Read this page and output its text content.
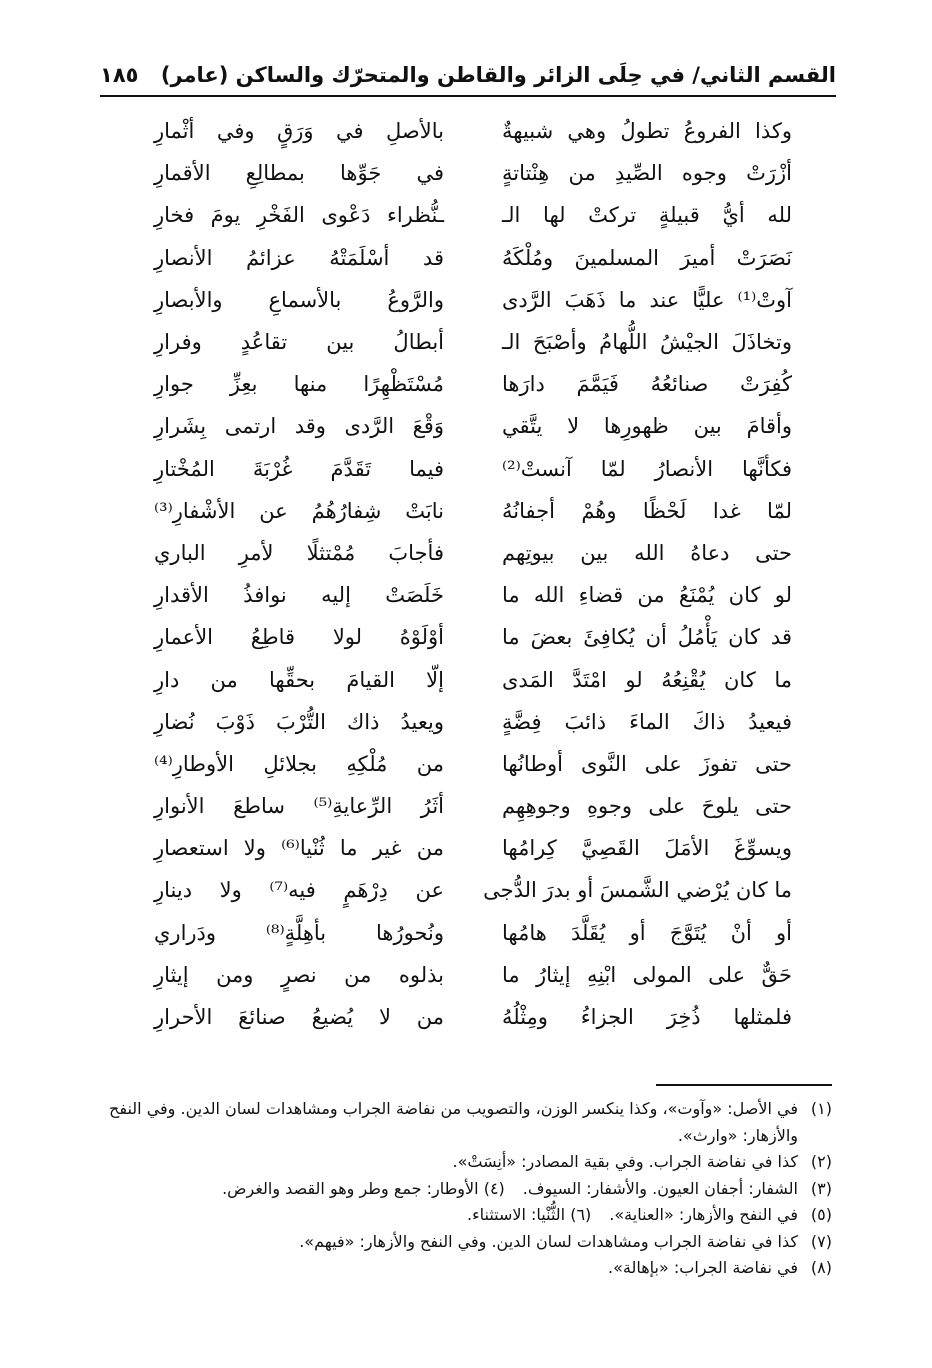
القسم الثاني/ في حِلَى الزائر والقاطن والمتحرّك والساكن (عامر)
١٨٥
وكذا الفروعُ تطولُ وهي شبيهةٌ
بالأصلِ في وَرَقٍ وفي أثْمارِ
أزْرَتْ وجوه الصِّيدِ من هِنْتاتةٍ
في جَوِّها بمطالِعِ الأقمارِ
لله أيُّ قبيلةٍ تركتْ لها الـ
ـنُّظراء دَعْوى الفَخْرِ يومَ فخارِ
نَصَرَتْ أميرَ المسلمينَ ومُلْكَهُ
قد أسْلَمَتْهُ عزائمُ الأنصارِ
آوتْ⁽¹⁾ عليًّا عند ما ذَهَبَ الرَّدى
والرَّوعُ بالأسماعِ والأبصارِ
وتخاذَلَ الجيْشُ اللُّهامُ وأصْبَحَ الـ
أبطالُ بين تقاعُدٍ وفرارِ
كُفِرَتْ صنائعُهُ فَيَمَّمَ دارَها
مُسْتَظْهِرًا منها بعِزِّ جوارِ
وأقامَ بين ظهورِها لا يتَّقي
وَقْعَ الرَّدى وقد ارتمى بِشَرارِ
فكأنَّها الأنصارُ لمّا آنستْ⁽²⁾
فيما تَقَدَّمَ غُرْبَةَ المُخْتارِ
لمّا غدا لَحْظًا وهُمْ أجفانُهُ
نابَتْ شِفارُهُمُ عن الأشْفارِ⁽³⁾
حتى دعاهُ الله بين بيوتِهم
فأجابَ مُمْتثلًا لأمرِ الباري
لو كان يُمْنَعُ من قضاءِ الله ما
خَلَصَتْ إليه نوافذُ الأقدارِ
قد كان يَأْمُلُ أن يُكافِئَ بعضَ ما
أوْلَوْهُ لولا قاطِعُ الأعمارِ
ما كان يُقْنِعُهُ لو امْتَدَّ المَدى
إلّا القيامَ بحقِّها من دارِ
فيعيدُ ذاكَ الماءَ ذائبَ فِضَّةٍ
ويعيدُ ذاك التُّرْبَ ذَوْبَ نُضارِ
حتى تفوزَ على النَّوى أوطانُها
من مُلْكِهِ بجلائلِ الأوطارِ⁽⁴⁾
حتى يلوحَ على وجوهِ وجوهِهِم
أثَرُ الرِّعايةِ⁽⁵⁾ ساطعَ الأنوارِ
ويسوِّغَ الأمَلَ القَصِيَّ كِرامُها
من غير ما ثُنْيا⁽⁶⁾ ولا استعصارِ
ما كان يُرْضي الشَّمسَ أو بدرَ الدُّجى
عن دِرْهَمٍ فيه⁽⁷⁾ ولا دينارِ
أو أنْ يُتَوَّجَ أو يُقَلَّدَ هامُها
ونُحورُها بأهِلَّةٍ⁽⁸⁾ ودَراري
حَقٌّ على المولى ابْنِهِ إيثارُ ما
بذلوه من نصرٍ ومن إيثارِ
فلمثلها ذُخِرَ الجزاءُ ومِثْلُهُ
من لا يُضيعُ صنائعَ الأحرارِ
(١)
في الأصل: «وآوت»، وكذا ينكسر الوزن، والتصويب من نفاضة الجراب ومشاهدات لسان الدين. وفي النفح والأزهار: «وارث».
(٢)
كذا في نفاضة الجراب. وفي بقية المصادر: «أنِسَتْ».
(٣)
الشفار: أجفان العيون. والأشفار: السيوف.(٤) الأوطار: جمع وطر وهو القصد والغرض.
(٥)
في النفح والأزهار: «العناية».(٦) الثُّنْيا: الاستثناء.
(٧)
كذا في نفاضة الجراب ومشاهدات لسان الدين. وفي النفح والأزهار: «فيهم».
(٨)
في نفاضة الجراب: «بإهالة».
